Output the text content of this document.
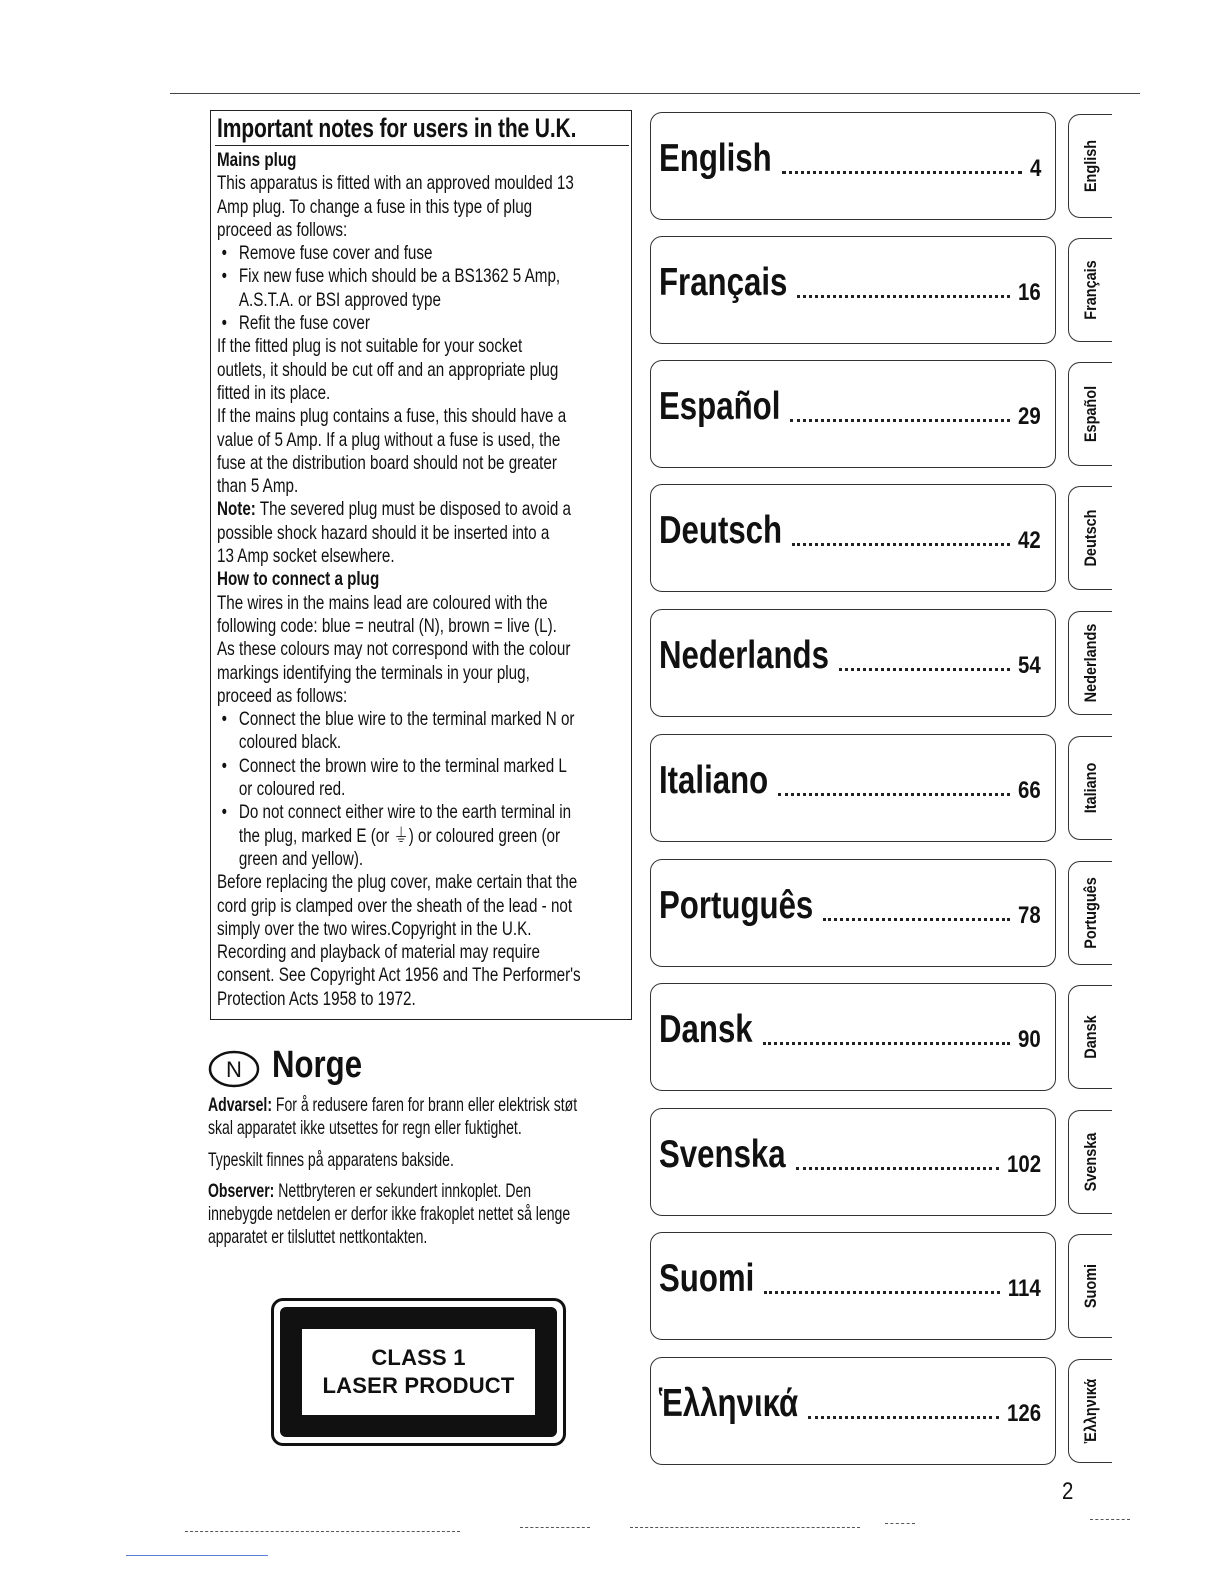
Important notes for users in the U.K.
Mains plug
This apparatus is fitted with an approved moulded 13
Amp plug. To change a fuse in this type of plug
proceed as follows:
• Remove fuse cover and fuse
• Fix new fuse which should be a BS1362 5 Amp,
A.S.T.A. or BSI approved type
• Refit the fuse cover
If the fitted plug is not suitable for your socket
outlets, it should be cut off and an appropriate plug
fitted in its place.
If the mains plug contains a fuse, this should have a
value of 5 Amp. If a plug without a fuse is used, the
fuse at the distribution board should not be greater
than 5 Amp.
Note: The severed plug must be disposed to avoid a
possible shock hazard should it be inserted into a
13 Amp socket elsewhere.
How to connect a plug
The wires in the mains lead are coloured with the
following code: blue = neutral (N), brown = live (L).
As these colours may not correspond with the colour
markings identifying the terminals in your plug,
proceed as follows:
• Connect the blue wire to the terminal marked N or
coloured black.
• Connect the brown wire to the terminal marked L
or coloured red.
• Do not connect either wire to the earth terminal in
the plug, marked E (or ⏚) or coloured green (or
green and yellow).
Before replacing the plug cover, make certain that the
cord grip is clamped over the sheath of the lead - not
simply over the two wires.Copyright in the U.K.
Recording and playback of material may require
consent. See Copyright Act 1956 and The Performer's
Protection Acts 1958 to 1972.
N Norge
Advarsel: For å redusere faren for brann eller elektrisk støt
skal apparatet ikke utsettes for regn eller fuktighet.
Typeskilt finnes på apparatens bakside.
Observer: Nettbryteren er sekundert innkoplet. Den
innebygde netdelen er derfor ikke frakoplet nettet så lenge
apparatet er tilsluttet nettkontakten.
CLASS 1
LASER PRODUCT
English	4 English
Français	16 Français
Español	29 Español
Deutsch	42 Deutsch
Nederlands	54 Nederlands
Italiano	66 Italiano
Português	78 Português
Dansk	90 Dansk
Svenska	102 Svenska
Suomi	114 Suomi
Ἑλληνικά	126 Ἑλληνικά
2
